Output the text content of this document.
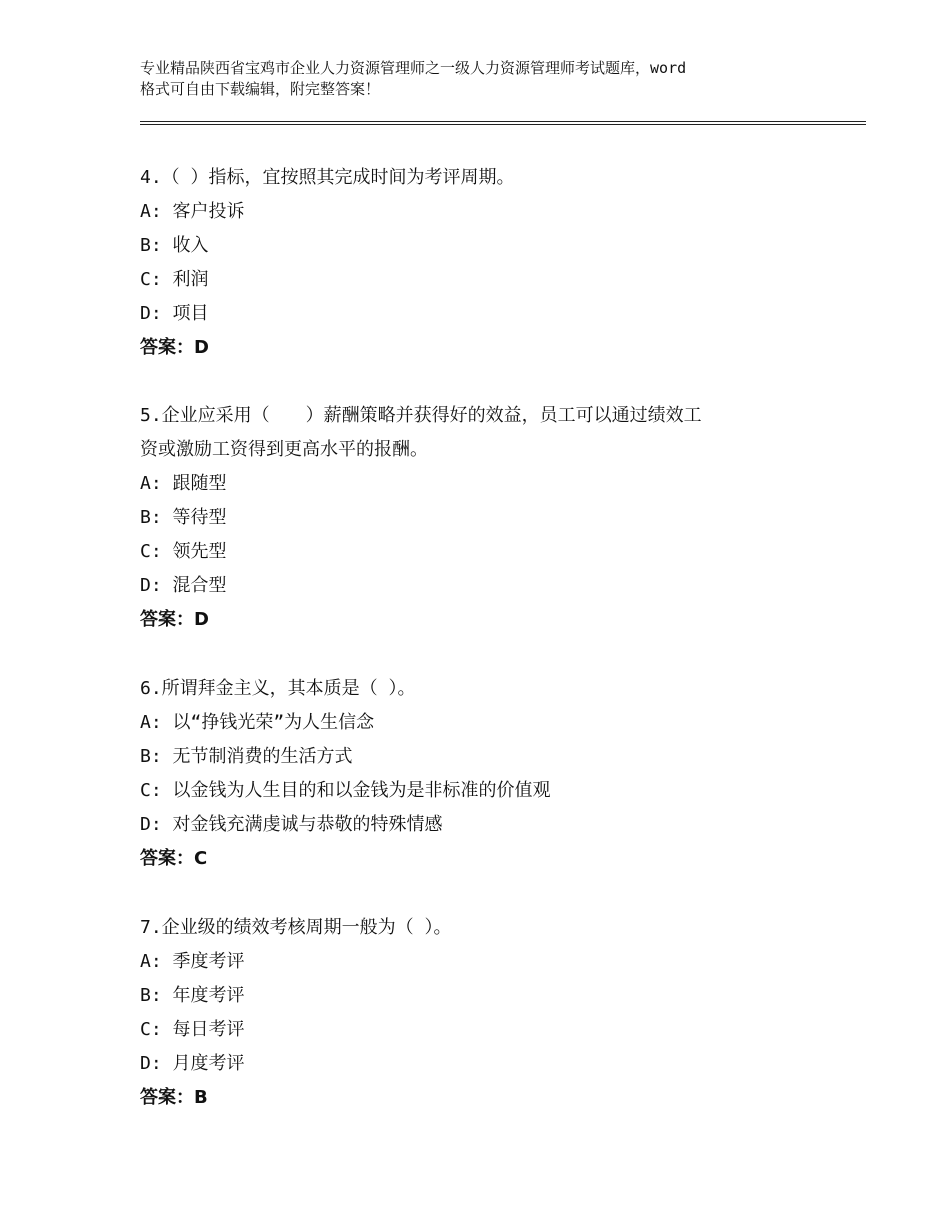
专业精品陕西省宝鸡市企业人力资源管理师之一级人力资源管理师考试题库，word
格式可自由下载编辑，附完整答案！
4.（ ）指标，宜按照其完成时间为考评周期。
A: 客户投诉
B: 收入
C: 利润
D: 项目
答案：D
5.企业应采用（　　）薪酬策略并获得好的效益，员工可以通过绩效工
资或激励工资得到更高水平的报酬。
A: 跟随型
B: 等待型
C: 领先型
D: 混合型
答案：D
6.所谓拜金主义，其本质是（ ）。
A: 以“挣钱光荣”为人生信念
B: 无节制消费的生活方式
C: 以金钱为人生目的和以金钱为是非标准的价值观
D: 对金钱充满虔诚与恭敬的特殊情感
答案：C
7.企业级的绩效考核周期一般为（ ）。
A: 季度考评
B: 年度考评
C: 每日考评
D: 月度考评
答案：B
